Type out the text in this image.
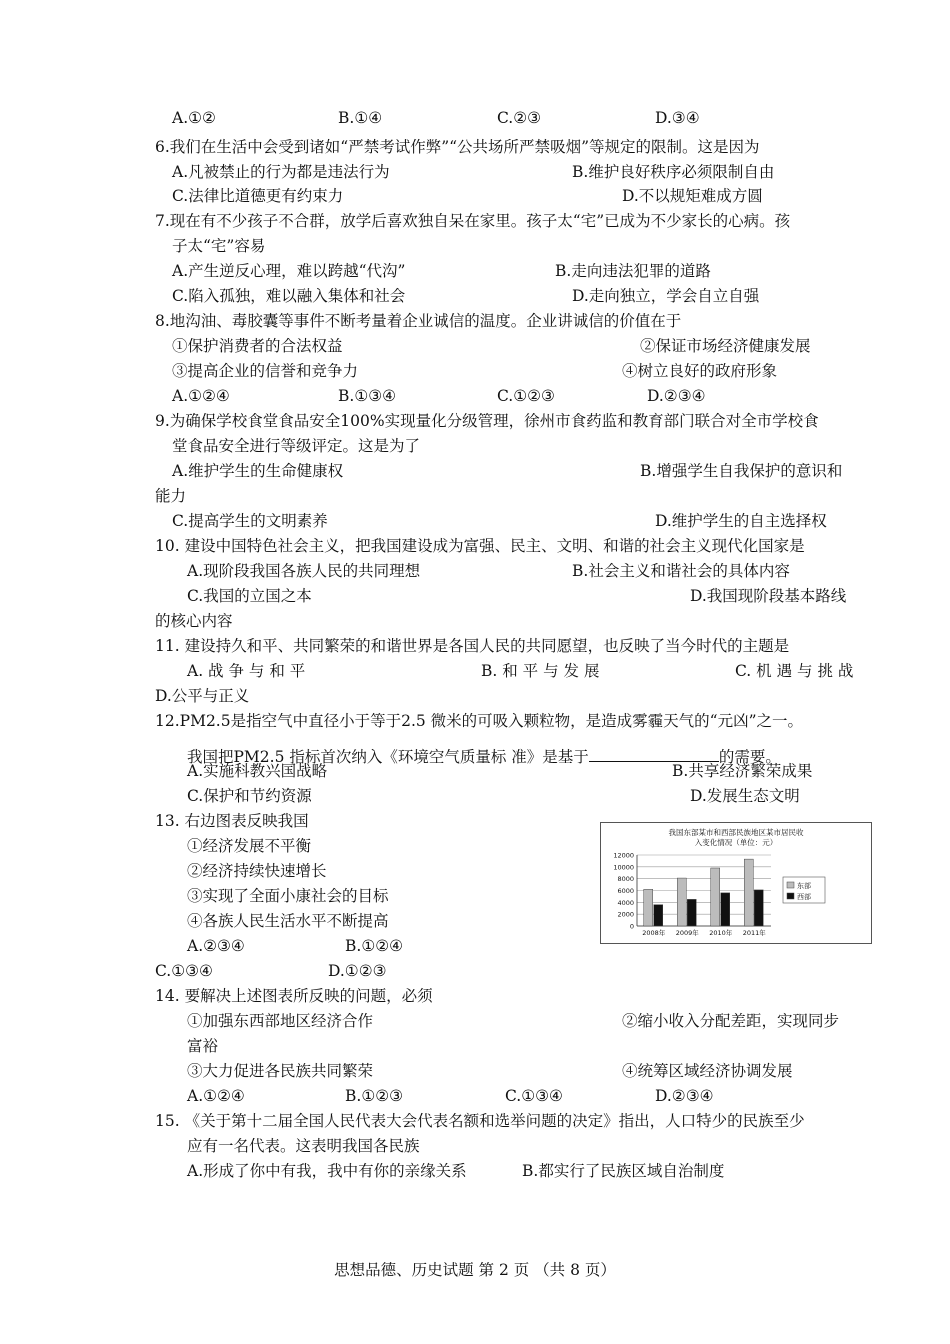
A.①②	B.①④	C.②③	D.③④
6.我们在生活中会受到诸如“严禁考试作弊”“公共场所严禁吸烟”等规定的限制。这是因为
A.凡被禁止的行为都是违法行为	B.维护良好秩序必须限制自由
C.法律比道德更有约束力	D.不以规矩难成方圆
7.现在有不少孩子不合群，放学后喜欢独自呆在家里。孩子太“宅”已成为不少家长的心病。孩
子太“宅”容易
A.产生逆反心理，难以跨越“代沟”	B.走向违法犯罪的道路
C.陷入孤独，难以融入集体和社会	D.走向独立，学会自立自强
8.地沟油、毒胶囊等事件不断考量着企业诚信的温度。企业讲诚信的价值在于
①保护消费者的合法权益	②保证市场经济健康发展
③提高企业的信誉和竞争力	④树立良好的政府形象
A.①②④	B.①③④	C.①②③	D.②③④
9.为确保学校食堂食品安全100%实现量化分级管理，徐州市食药监和教育部门联合对全市学校食
堂食品安全进行等级评定。这是为了
A.维护学生的生命健康权	B.增强学生自我保护的意识和
能力
C.提高学生的文明素养	D.维护学生的自主选择权
10. 建设中国特色社会主义，把我国建设成为富强、民主、文明、和谐的社会主义现代化国家是
A.现阶段我国各族人民的共同理想	B.社会主义和谐社会的具体内容
C.我国的立国之本	D.我国现阶段基本路线
的核心内容
11. 建设持久和平、共同繁荣的和谐世界是各国人民的共同愿望，也反映了当今时代的主题是
A. 战 争 与 和 平	B. 和 平 与 发 展	C. 机 遇 与 挑 战
D.公平与正义
12.PM2.5是指空气中直径小于等于2.5 微米的可吸入颗粒物，是造成雾霾天气的“元凶”之一。
A.实施科教兴国战略	B.共享经济繁荣成果
C.保护和节约资源	D.发展生态文明
13. 右边图表反映我国
①经济发展不平衡
②经济持续快速增长
③实现了全面小康社会的目标
④各族人民生活水平不断提高
A.②③④	B.①②④
C.①③④	D.①②③
14. 要解决上述图表所反映的问题，必须
①加强东西部地区经济合作	②缩小收入分配差距，实现同步
富裕
③大力促进各民族共同繁荣	④统筹区域经济协调发展
A.①②④	B.①②③	C.①③④	D.②③④
15. 《关于第十二届全国人民代表大会代表名额和选举问题的决定》指出，人口特少的民族至少
应有一名代表。这表明我国各民族
A.形成了你中有我，我中有你的亲缘关系	B.都实行了民族区域自治制度
我国把PM2.5 指标首次纳入《环境空气质量标 准》是基于	的需要。
我国东部某市和西部民族地区某市居民收
入变化情况（单位：元）
12000
10000
8000
6000
4000
2000
0
2008年 2009年 2010年 2011年
东部
西部
思想品德、历史试题 第 2 页 （共 8 页）
